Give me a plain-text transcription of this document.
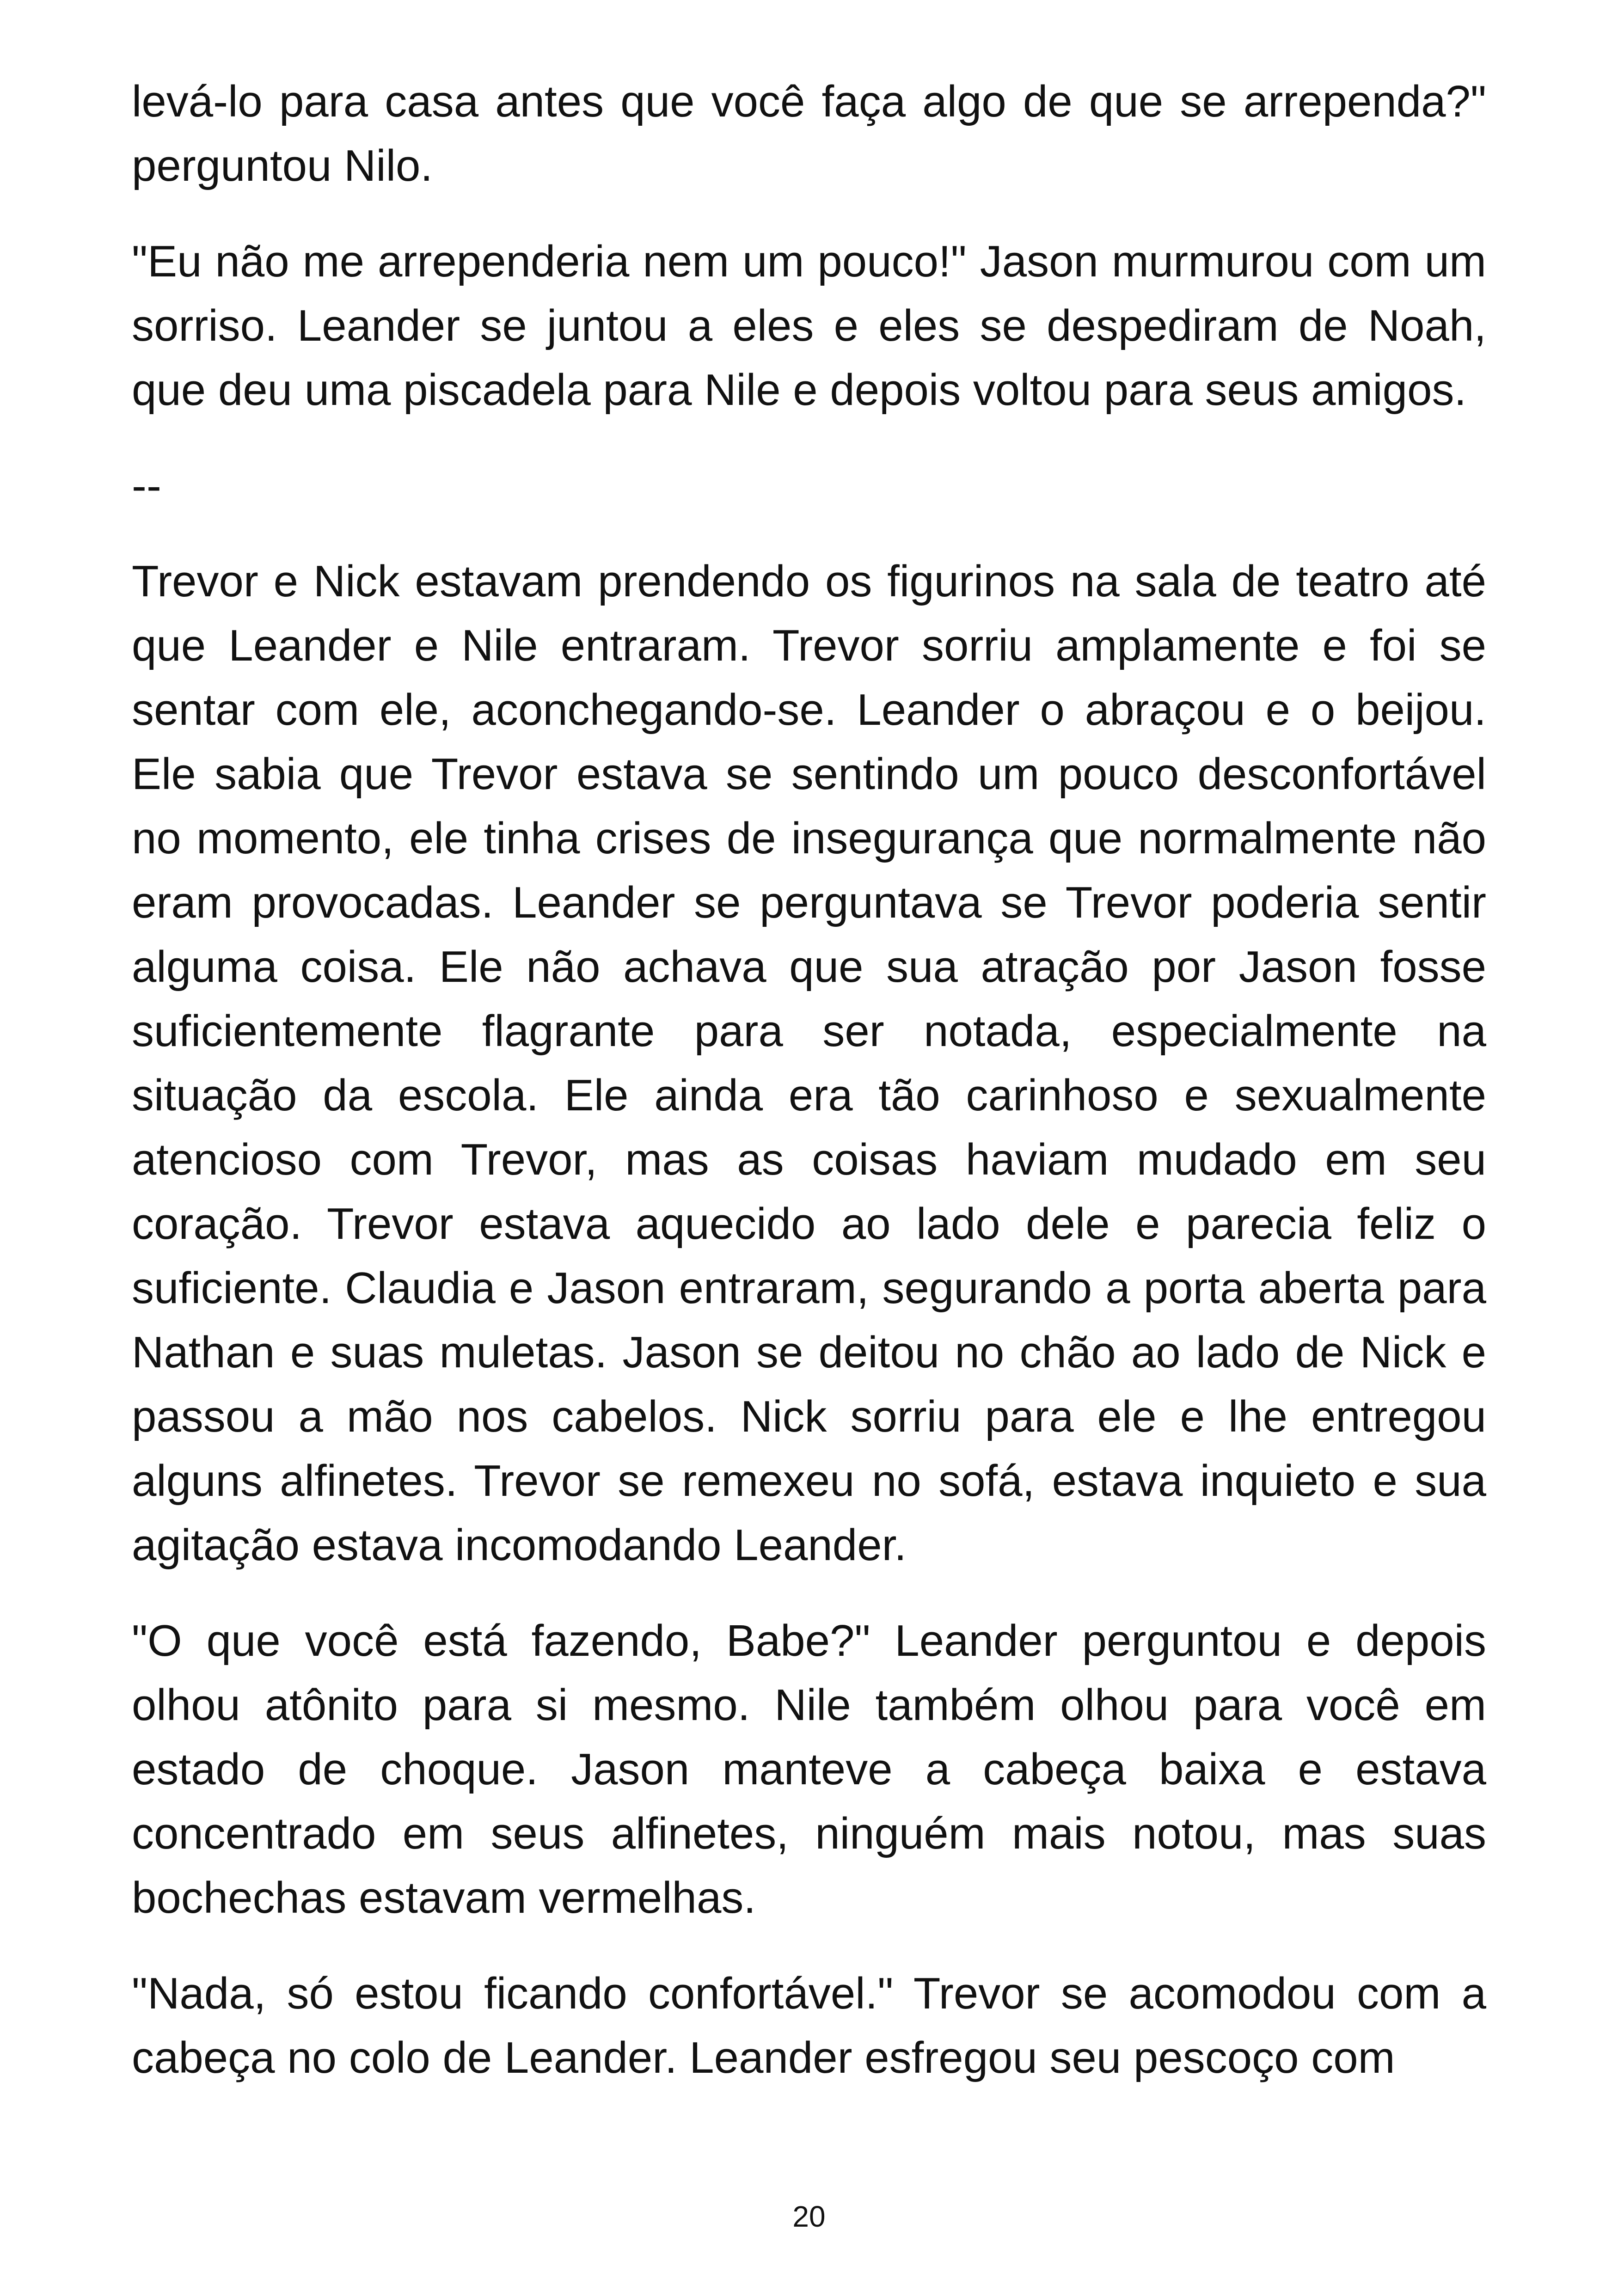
levá-lo para casa antes que você faça algo de que se arrependa?" perguntou Nilo.

"Eu não me arrependeria nem um pouco!" Jason murmurou com um sorriso. Leander se juntou a eles e eles se despediram de Noah, que deu uma piscadela para Nile e depois voltou para seus amigos.

--

Trevor e Nick estavam prendendo os figurinos na sala de teatro até que Leander e Nile entraram. Trevor sorriu amplamente e foi se sentar com ele, aconchegando-se. Leander o abraçou e o beijou. Ele sabia que Trevor estava se sentindo um pouco desconfortável no momento, ele tinha crises de insegurança que normalmente não eram provocadas. Leander se perguntava se Trevor poderia sentir alguma coisa. Ele não achava que sua atração por Jason fosse suficientemente flagrante para ser notada, especialmente na situação da escola. Ele ainda era tão carinhoso e sexualmente atencioso com Trevor, mas as coisas haviam mudado em seu coração. Trevor estava aquecido ao lado dele e parecia feliz o suficiente. Claudia e Jason entraram, segurando a porta aberta para Nathan e suas muletas. Jason se deitou no chão ao lado de Nick e passou a mão nos cabelos. Nick sorriu para ele e lhe entregou alguns alfinetes. Trevor se remexeu no sofá, estava inquieto e sua agitação estava incomodando Leander.

"O que você está fazendo, Babe?" Leander perguntou e depois olhou atônito para si mesmo. Nile também olhou para você em estado de choque. Jason manteve a cabeça baixa e estava concentrado em seus alfinetes, ninguém mais notou, mas suas bochechas estavam vermelhas.

"Nada, só estou ficando confortável." Trevor se acomodou com a cabeça no colo de Leander. Leander esfregou seu pescoço com

20
